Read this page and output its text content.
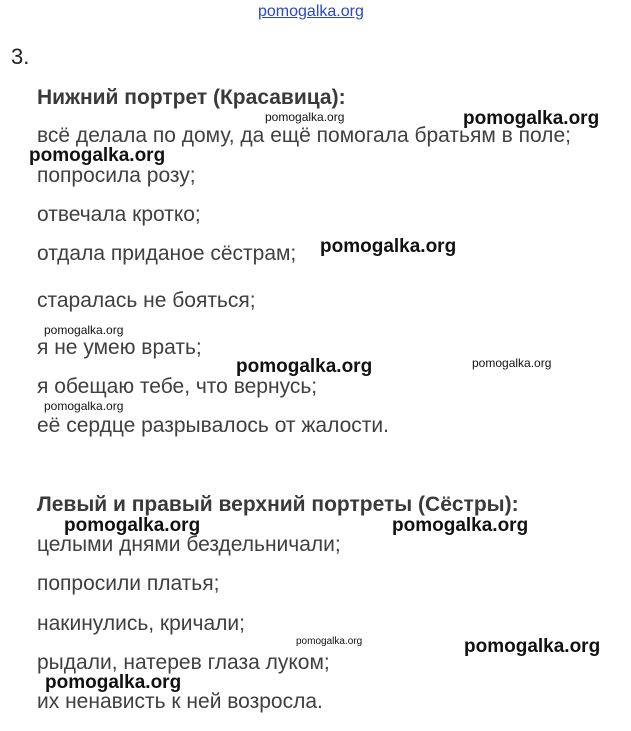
pomogalka.org
3.
Нижний портрет (Красавица):
всё делала по дому, да ещё помогала братьям в поле;
попросила розу;
отвечала кротко;
отдала приданое сёстрам;
старалась не бояться;
я не умею врать;
я обещаю тебе, что вернусь;
её сердце разрывалось от жалости.
Левый и правый верхний портреты (Сёстры):
целыми днями бездельничали;
попросили платья;
накинулись, кричали;
рыдали, натерев глаза луком;
их ненависть к ней возросла.
pomogalka.org	pomogalka.org
pomogalka.org
pomogalka.org
pomogalka.org
pomogalka.org	pomogalka.org
pomogalka.org
pomogalka.org	pomogalka.org
pomogalka.org	pomogalka.org
pomogalka.org
